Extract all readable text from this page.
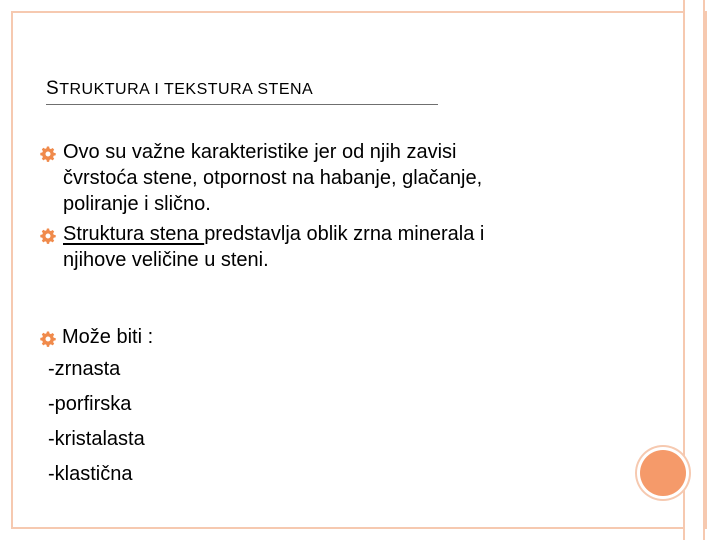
STRUKTURA I TEKSTURA STENA
Ovo su važne karakteristike jer od njih zavisi
čvrstoća stene, otpornost na habanje, glačanje,
poliranje i slično.
Struktura stena predstavlja oblik zrna minerala i
njihove veličine u steni.
Može biti :
-zrnasta
-porfirska
-kristalasta
-klastična
